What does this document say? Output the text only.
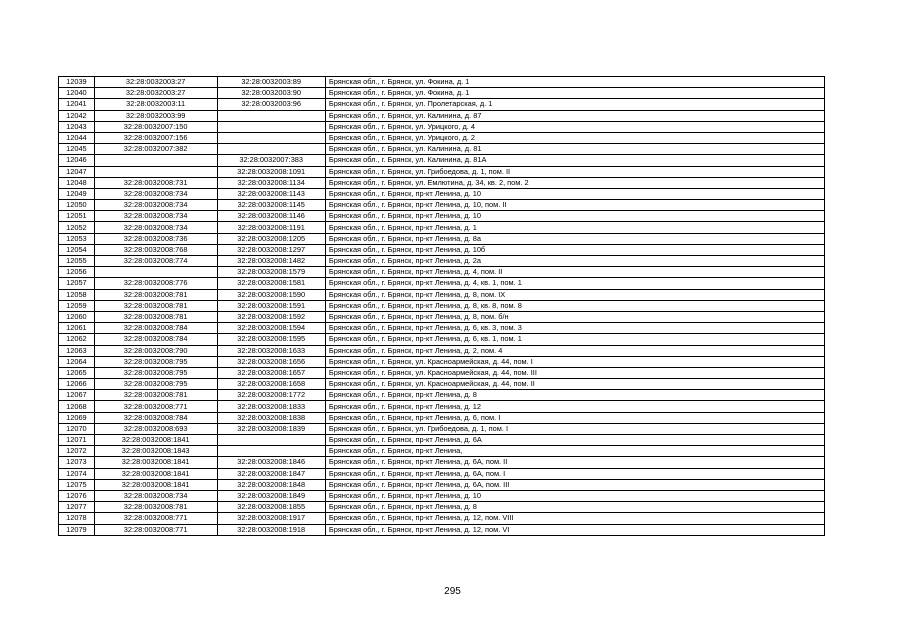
12039	32:28:0032003:27	32:28:0032003:89	Брянская обл., г. Брянск, ул. Фокина, д. 1
12040	32:28:0032003:27	32:28:0032003:90	Брянская обл., г. Брянск, ул. Фокина, д. 1
12041	32:28:0032003:11	32:28:0032003:96	Брянская обл., г. Брянск, ул. Пролетарская, д. 1
12042	32:28:0032003:99		Брянская обл., г. Брянск, ул. Калинина, д. 87
12043	32:28:0032007:150		Брянская обл., г. Брянск, ул. Урицкого, д. 4
12044	32:28:0032007:156		Брянская обл., г. Брянск, ул. Урицкого, д. 2
12045	32:28:0032007:382		Брянская обл., г. Брянск, ул. Калинина, д. 81
12046		32:28:0032007:383	Брянская обл., г. Брянск, ул. Калинина, д. 81А
12047		32:28:0032008:1091	Брянская обл., г. Брянск, ул. Грибоедова, д. 1, пом. II
12048	32:28:0032008:731	32:28:0032008:1134	Брянская обл., г. Брянск, ул. Емлютина, д. 34, кв. 2, пом. 2
12049	32:28:0032008:734	32:28:0032008:1143	Брянская обл., г. Брянск, пр-кт Ленина, д. 10
12050	32:28:0032008:734	32:28:0032008:1145	Брянская обл., г. Брянск, пр-кт Ленина, д. 10, пом. II
12051	32:28:0032008:734	32:28:0032008:1146	Брянская обл., г. Брянск, пр-кт Ленина, д. 10
12052	32:28:0032008:734	32:28:0032008:1191	Брянская обл., г. Брянск, пр-кт Ленина, д. 1
12053	32:28:0032008:736	32:28:0032008:1205	Брянская обл., г. Брянск, пр-кт Ленина, д. 8а
12054	32:28:0032008:768	32:28:0032008:1297	Брянская обл., г. Брянск, пр-кт Ленина, д. 10б
12055	32:28:0032008:774	32:28:0032008:1482	Брянская обл., г. Брянск, пр-кт Ленина, д. 2а
12056		32:28:0032008:1579	Брянская обл., г. Брянск, пр-кт Ленина, д. 4, пом. II
12057	32:28:0032008:776	32:28:0032008:1581	Брянская обл., г. Брянск, пр-кт Ленина, д. 4, кв. 1, пом. 1
12058	32:28:0032008:781	32:28:0032008:1590	Брянская обл., г. Брянск, пр-кт Ленина, д. 8, пом. IX
12059	32:28:0032008:781	32:28:0032008:1591	Брянская обл., г. Брянск, пр-кт Ленина, д. 8, кв. 8, пом. 8
12060	32:28:0032008:781	32:28:0032008:1592	Брянская обл., г. Брянск, пр-кт Ленина, д. 8, пом. б/н
12061	32:28:0032008:784	32:28:0032008:1594	Брянская обл., г. Брянск, пр-кт Ленина, д. 6, кв. 3, пом. 3
12062	32:28:0032008:784	32:28:0032008:1595	Брянская обл., г. Брянск, пр-кт Ленина, д. 6, кв. 1, пом. 1
12063	32:28:0032008:790	32:28:0032008:1633	Брянская обл., г. Брянск, пр-кт Ленина, д. 2, пом. 4
12064	32:28:0032008:795	32:28:0032008:1656	Брянская обл., г. Брянск, ул. Красноармейская, д. 44, пом. I
12065	32:28:0032008:795	32:28:0032008:1657	Брянская обл., г. Брянск, ул. Красноармейская, д. 44, пом. III
12066	32:28:0032008:795	32:28:0032008:1658	Брянская обл., г. Брянск, ул. Красноармейская, д. 44, пом. II
12067	32:28:0032008:781	32:28:0032008:1772	Брянская обл., г. Брянск, пр-кт Ленина, д. 8
12068	32:28:0032008:771	32:28:0032008:1833	Брянская обл., г. Брянск, пр-кт Ленина, д. 12
12069	32:28:0032008:784	32:28:0032008:1838	Брянская обл., г. Брянск, пр-кт Ленина, д. 6, пом. I
12070	32:28:0032008:693	32:28:0032008:1839	Брянская обл., г. Брянск, ул. Грибоедова, д. 1, пом. I
12071	32:28:0032008:1841		Брянская обл., г. Брянск, пр-кт Ленина, д. 6А
12072	32:28:0032008:1843		Брянская обл., г. Брянск, пр-кт Ленина,
12073	32:28:0032008:1841	32:28:0032008:1846	Брянская обл., г. Брянск, пр-кт Ленина, д. 6А, пом. II
12074	32:28:0032008:1841	32:28:0032008:1847	Брянская обл., г. Брянск, пр-кт Ленина, д. 6А, пом. I
12075	32:28:0032008:1841	32:28:0032008:1848	Брянская обл., г. Брянск, пр-кт Ленина, д. 6А, пом. III
12076	32:28:0032008:734	32:28:0032008:1849	Брянская обл., г. Брянск, пр-кт Ленина, д. 10
12077	32:28:0032008:781	32:28:0032008:1855	Брянская обл., г. Брянск, пр-кт Ленина, д. 8
12078	32:28:0032008:771	32:28:0032008:1917	Брянская обл., г. Брянск, пр-кт Ленина, д. 12, пом. VIII
12079	32:28:0032008:771	32:28:0032008:1918	Брянская обл., г. Брянск, пр-кт Ленина, д. 12, пом. VI
295
